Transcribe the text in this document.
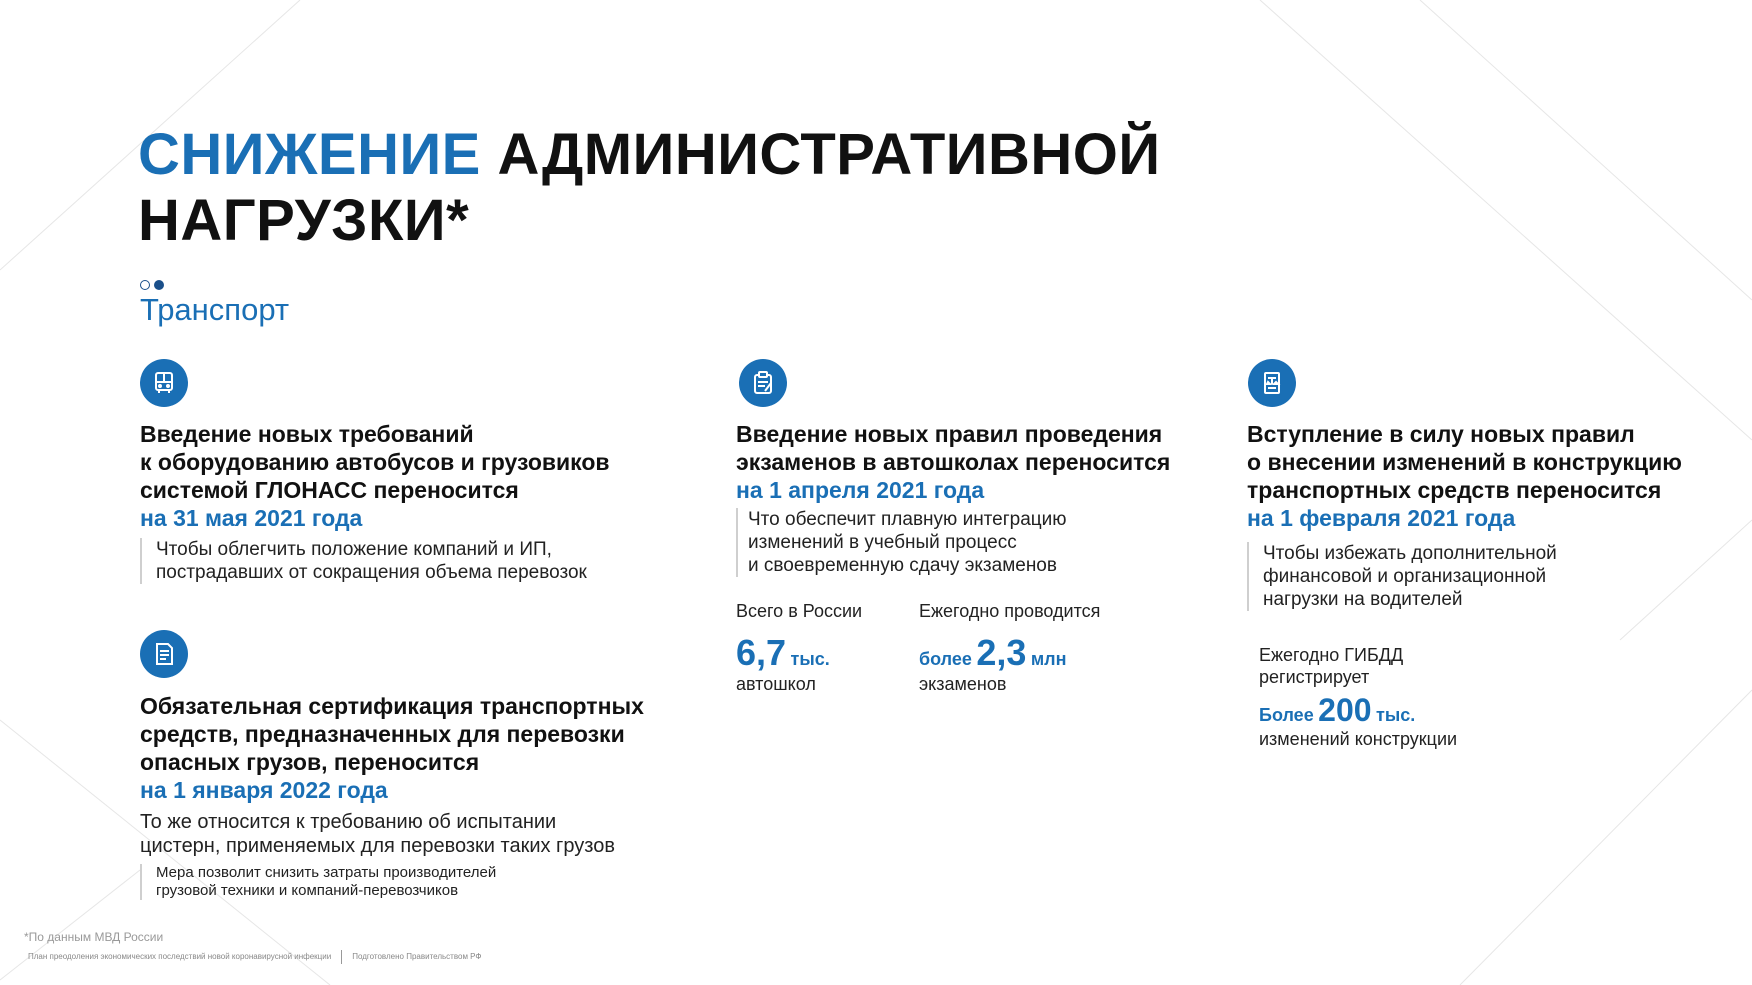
СНИЖЕНИЕ АДМИНИСТРАТИВНОЙ
НАГРУЗКИ*
Транспорт
Введение новых требований
к оборудованию автобусов и грузовиков
системой ГЛОНАСС переносится
на 31 мая 2021 года
Чтобы облегчить положение компаний и ИП,
пострадавших от сокращения объема перевозок
Обязательная сертификация транспортных
средств, предназначенных для перевозки
опасных грузов, переносится
на 1 января 2022 года
То же относится к требованию об испытании
цистерн, применяемых для перевозки таких грузов
Мера позволит снизить затраты производителей
грузовой техники и компаний-перевозчиков
Введение новых правил проведения
экзаменов в автошколах переносится
на 1 апреля 2021 года
Что обеспечит плавную интеграцию
изменений в учебный процесс
и своевременную сдачу экзаменов
Всего в России
6,7 тыс.
автошкол
Ежегодно проводится
более 2,3 млн
экзаменов
Вступление в силу новых правил
о внесении изменений в конструкцию
транспортных средств переносится
на 1 февраля 2021 года
Чтобы избежать дополнительной
финансовой и организационной
нагрузки на водителей
Ежегодно ГИБДД
регистрирует
Более 200 тыс.
изменений конструкции
*По данным МВД России
План преодоления экономических последствий новой коронавирусной инфекции	Подготовлено Правительством РФ
